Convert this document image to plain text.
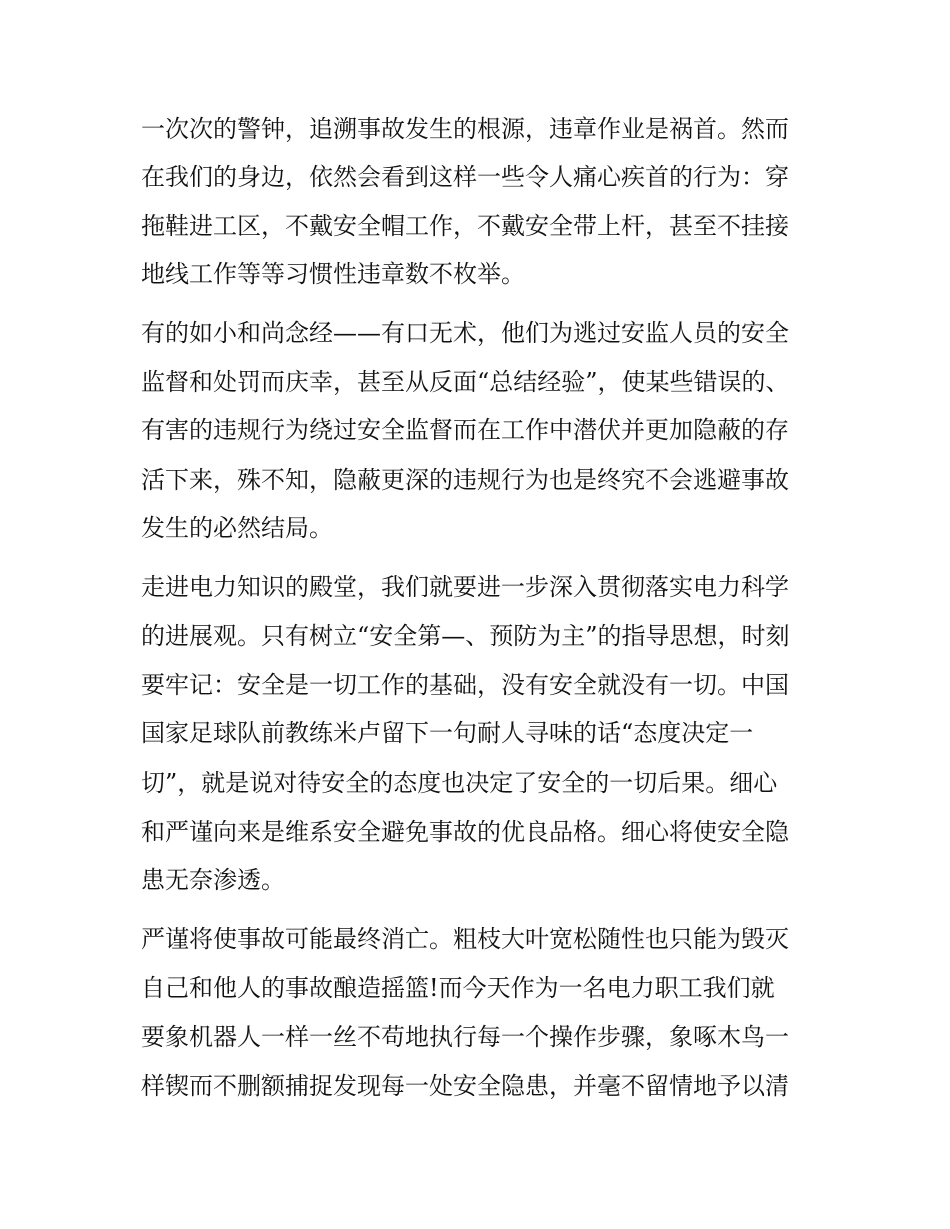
一次次的警钟，追溯事故发生的根源，违章作业是祸首。然而
在我们的身边，依然会看到这样一些令人痛心疾首的行为：穿
拖鞋进工区，不戴安全帽工作，不戴安全带上杆，甚至不挂接
地线工作等等习惯性违章数不枚举。
有的如小和尚念经——有口无术，他们为逃过安监人员的安全
监督和处罚而庆幸，甚至从反面“总结经验”，使某些错误的、
有害的违规行为绕过安全监督而在工作中潜伏并更加隐蔽的存
活下来，殊不知，隐蔽更深的违规行为也是终究不会逃避事故
发生的必然结局。
走进电力知识的殿堂，我们就要进一步深入贯彻落实电力科学
的进展观。只有树立“安全第—、预防为主”的指导思想，时刻
要牢记：安全是一切工作的基础，没有安全就没有一切。中国
国家足球队前教练米卢留下一句耐人寻味的话“态度决定一
切”，就是说对待安全的态度也决定了安全的一切后果。细心
和严谨向来是维系安全避免事故的优良品格。细心将使安全隐
患无奈渗透。
严谨将使事故可能最终消亡。粗枝大叶宽松随性也只能为毁灭
自己和他人的事故酿造摇篮!而今天作为一名电力职工我们就
要象机器人一样一丝不苟地执行每一个操作步骤，象啄木鸟一
样锲而不删额捕捉发现每一处安全隐患，并毫不留情地予以清
